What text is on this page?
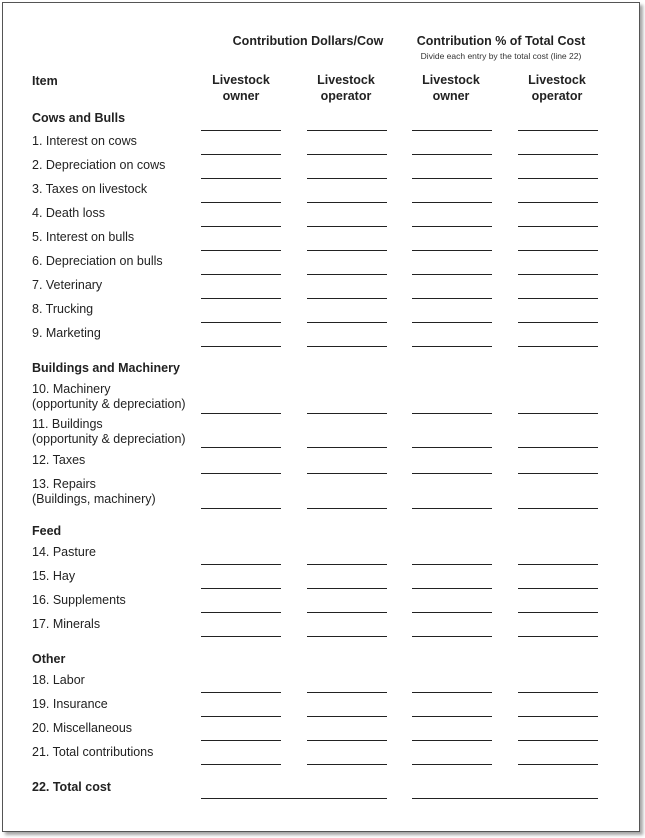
Contribution Dollars/Cow	Contribution % of Total Cost
Divide each entry by the total cost (line 22)
Item	Livestock
owner
Livestock
operator
Livestock
owner
Livestock
operator
Cows and Bulls
1. Interest on cows
2. Depreciation on cows
3. Taxes on livestock
4. Death loss
5. Interest on bulls
6. Depreciation on bulls
7. Veterinary
8. Trucking
9. Marketing
Buildings and Machinery
10. Machinery
(opportunity & depreciation)
11. Buildings
(opportunity & depreciation)
12. Taxes
13. Repairs
(Buildings, machinery)
Feed
14. Pasture
15. Hay
16. Supplements
17. Minerals
Other
18. Labor
19. Insurance
20. Miscellaneous
21. Total contributions
22. Total cost
